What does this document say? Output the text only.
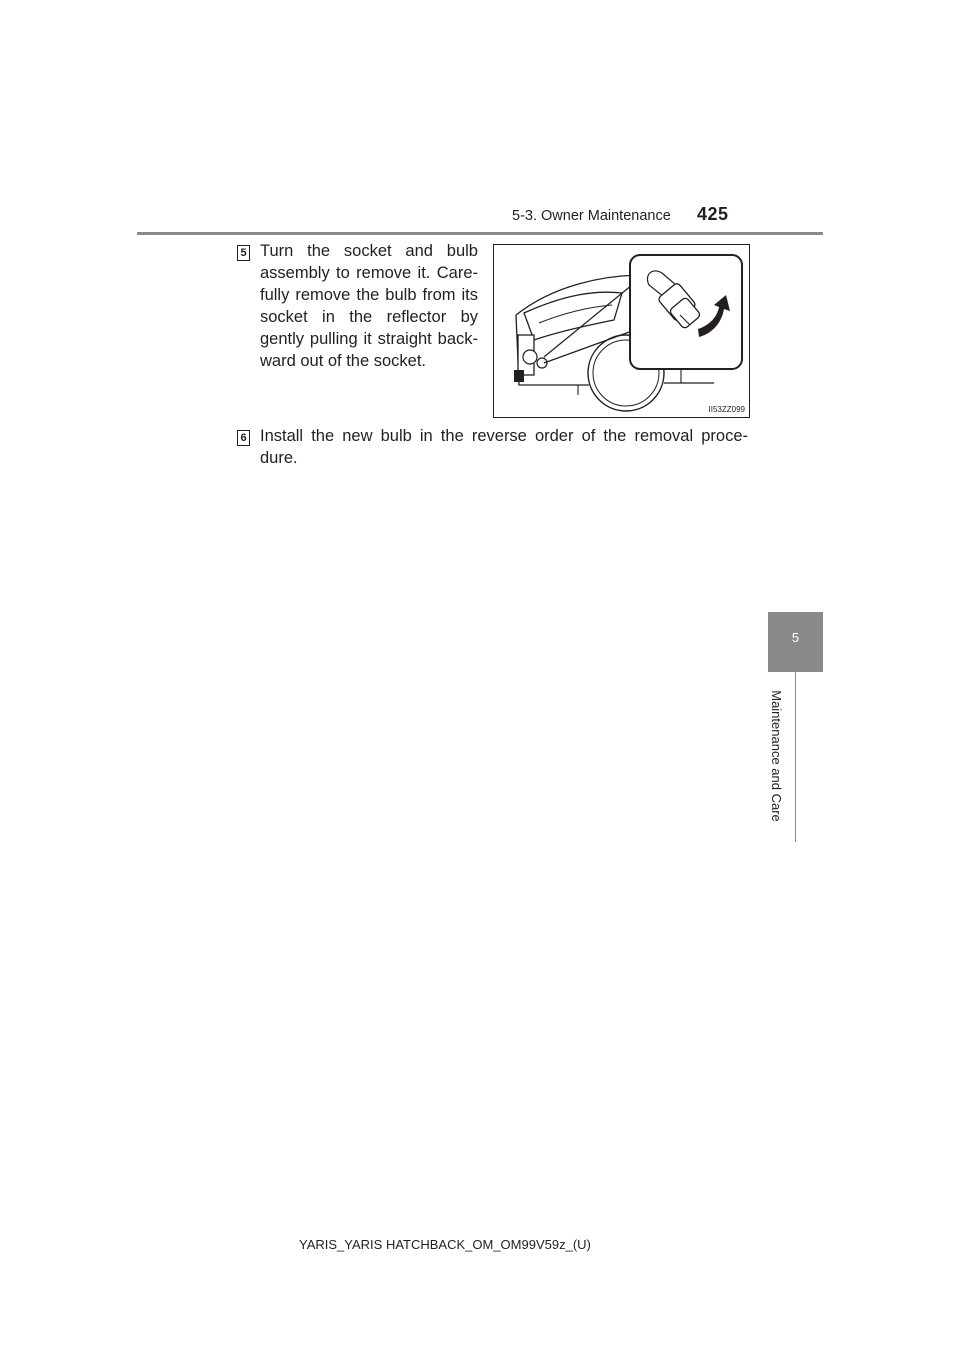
5-3. Owner Maintenance 425
5 Turn the socket and bulb
assembly to remove it. Care-
fully remove the bulb from its
socket in the reflector by
gently pulling it straight back-
ward out of the socket.
II53ZZ099
6 Install the new bulb in the reverse order of the removal proce-
dure.
5
Maintenance and Care
YARIS_YARIS HATCHBACK_OM_OM99V59z_(U)
